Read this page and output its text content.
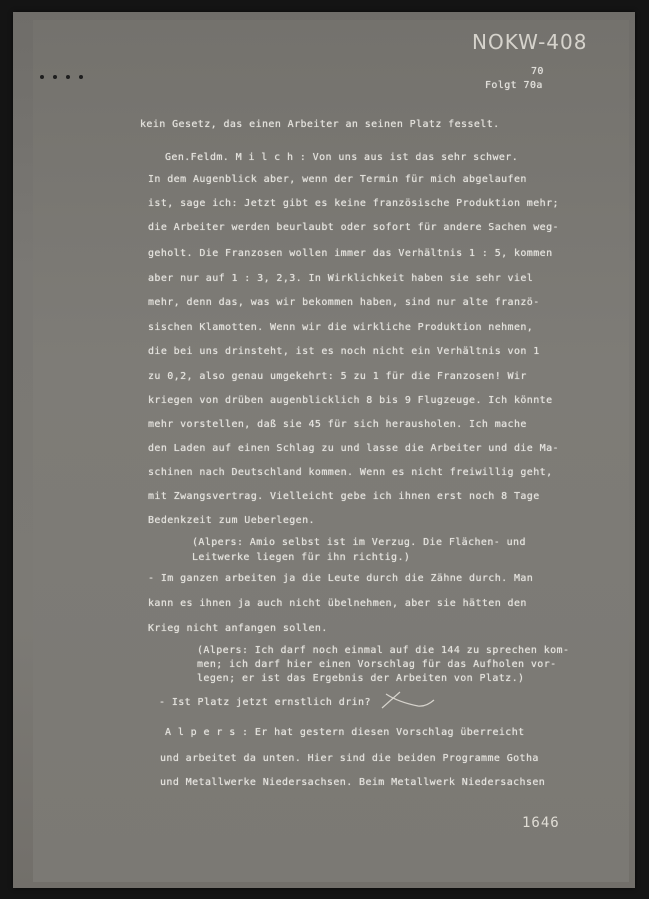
NOKW-408
70
Folgt 70a
kein Gesetz, das einen Arbeiter an seinen Platz fesselt.
Gen.Feldm. M i l c h : Von uns aus ist das sehr schwer.
In dem Augenblick aber, wenn der Termin für mich abgelaufen
ist, sage ich: Jetzt gibt es keine französische Produktion mehr;
die Arbeiter werden beurlaubt oder sofort für andere Sachen weg-
geholt. Die Franzosen wollen immer das Verhältnis 1 : 5, kommen
aber nur auf 1 : 3, 2,3. In Wirklichkeit haben sie sehr viel
mehr, denn das, was wir bekommen haben, sind nur alte franzö-
sischen Klamotten. Wenn wir die wirkliche Produktion nehmen,
die bei uns drinsteht, ist es noch nicht ein Verhältnis von 1
zu 0,2, also genau umgekehrt: 5 zu 1 für die Franzosen! Wir
kriegen von drüben augenblicklich 8 bis 9 Flugzeuge. Ich könnte
mehr vorstellen, daß sie 45 für sich herausholen. Ich mache
den Laden auf einen Schlag zu und lasse die Arbeiter und die Ma-
schinen nach Deutschland kommen. Wenn es nicht freiwillig geht,
mit Zwangsvertrag. Vielleicht gebe ich ihnen erst noch 8 Tage
Bedenkzeit zum Ueberlegen.
(Alpers: Amio selbst ist im Verzug. Die Flächen- und
Leitwerke liegen für ihn richtig.)
- Im ganzen arbeiten ja die Leute durch die Zähne durch. Man
kann es ihnen ja auch nicht übelnehmen, aber sie hätten den
Krieg nicht anfangen sollen.
(Alpers: Ich darf noch einmal auf die 144 zu sprechen kom-
men; ich darf hier einen Vorschlag für das Aufholen vor-
legen; er ist das Ergebnis der Arbeiten von Platz.)
- Ist Platz jetzt ernstlich drin?
A l p e r s : Er hat gestern diesen Vorschlag überreicht
und arbeitet da unten. Hier sind die beiden Programme Gotha
und Metallwerke Niedersachsen. Beim Metallwerk Niedersachsen
1646
